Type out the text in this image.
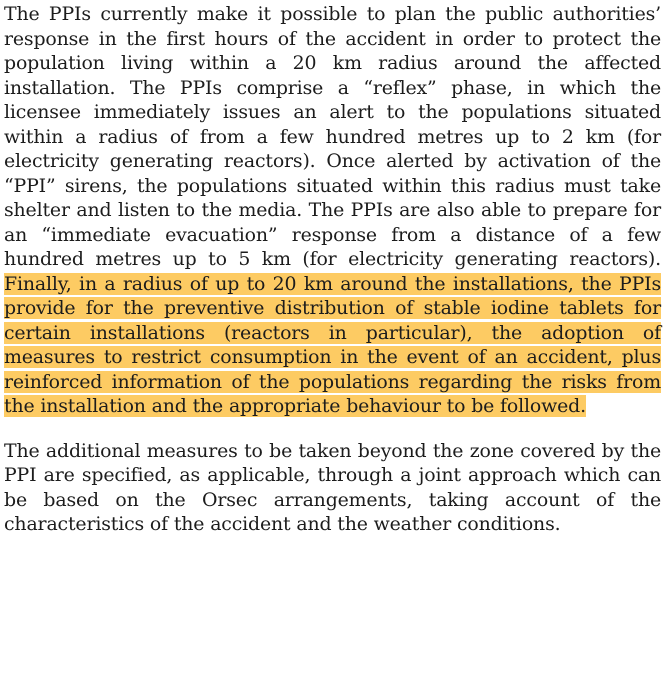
The PPIs currently make it possible to plan the public authorities’ response in the first hours of the accident in order to protect the population living within a 20 km radius around the affected installation. The PPIs comprise a “reflex” phase, in which the licensee immediately issues an alert to the populations situated within a radius of from a few hundred metres up to 2 km (for electricity generating reactors). Once alerted by activation of the “PPI” sirens, the populations situated within this radius must take shelter and listen to the media. The PPIs are also able to prepare for an “immediate evacuation” response from a distance of a few hundred metres up to 5 km (for electricity generating reactors). Finally, in a radius of up to 20 km around the installations, the PPIs provide for the preventive distribution of stable iodine tablets for certain installations (reactors in particular), the adoption of measures to restrict consumption in the event of an accident, plus reinforced information of the populations regarding the risks from the installation and the appropriate behaviour to be followed.

The additional measures to be taken beyond the zone covered by the PPI are specified, as applicable, through a joint approach which can be based on the Orsec arrangements, taking account of the characteristics of the accident and the weather conditions.
